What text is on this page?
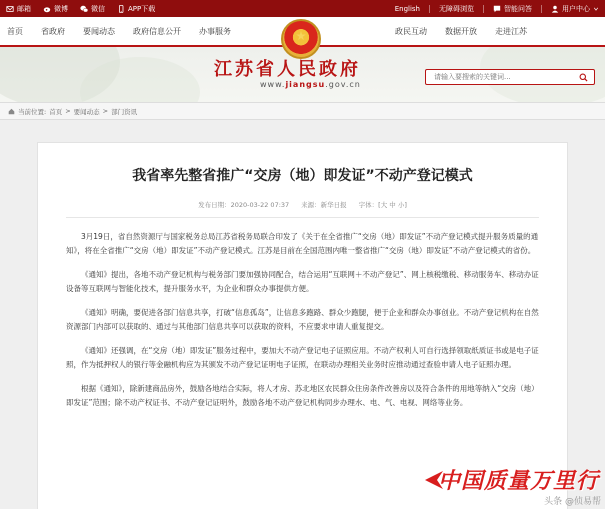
邮箱	微博	微信	APP下载	English	无障碍浏览	智能问答	用户中心
首页 省政府 要闻动态 政府信息公开 办事服务	政民互动 数据开放 走进江苏
江苏省人民政府
www.jiangsu.gov.cn
请输入要搜索的关键词...
当前位置: 首页 > 要闻动态 > 部门资讯
我省率先整省推广“交房（地）即发证”不动产登记模式
发布日期：2020-03-22 07:37 来源：新华日报 字体：[大 中 小]

3月19日，省自然资源厅与国家税务总局江苏省税务局联合印发了《关于在全省推广“交房（地）即发证”不动产登记模式提升服务质量的通知》，将在全省推广“交房（地）即发证”不动产登记模式。江苏是目前在全国范围内唯一整省推广“交房（地）即发证”不动产登记模式的省份。

《通知》提出，各地不动产登记机构与税务部门要加强协同配合，结合运用“互联网＋不动产登记”、网上核税缴税、移动服务车、移动办证设备等互联网与智能化技术，提升服务水平，为企业和群众办事提供方便。

《通知》明确，要促进各部门信息共享，打破“信息孤岛”，让信息多跑路、群众少跑腿，便于企业和群众办事创业。不动产登记机构在自然资源部门内部可以获取的、通过与其他部门信息共享可以获取的资料，不应要求申请人重复提交。

《通知》还强调，在“交房（地）即发证”服务过程中，要加大不动产登记电子证照应用。不动产权利人可自行选择领取纸质证书或是电子证照，作为抵押权人的银行等金融机构应为其颁发不动产登记证明电子证照，在联动办理相关业务时应推动通过查验申请人电子证照办理。

根据《通知》，除新建商品房外，鼓励各地结合实际，将人才房、苏北地区农民群众住房条件改善房以及符合条件的用地等纳入“交房（地）即发证”范围；除不动产权证书、不动产登记证明外，鼓励各地不动产登记机构同步办理水、电、气、电视、网络等业务。

中国质量万里行
头条 @侦易帮
